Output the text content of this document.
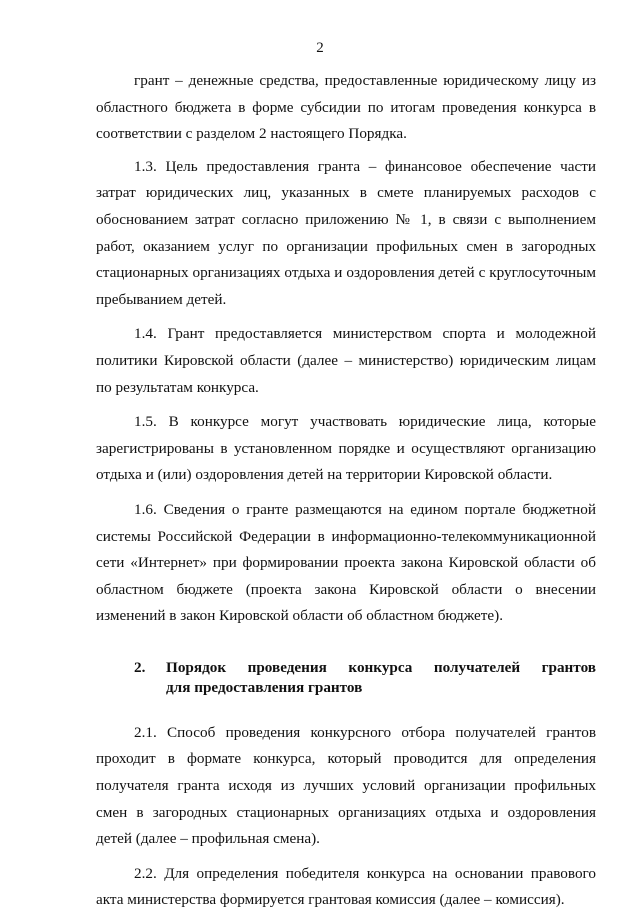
2

грант – денежные средства, предоставленные юридическому лицу из областного бюджета в форме субсидии по итогам проведения конкурса в соответствии с разделом 2 настоящего Порядка.

1.3. Цель предоставления гранта – финансовое обеспечение части затрат юридических лиц, указанных в смете планируемых расходов с обоснованием затрат согласно приложению № 1, в связи с выполнением работ, оказанием услуг по организации профильных смен в загородных стационарных организациях отдыха и оздоровления детей с круглосуточным пребыванием детей.

1.4. Грант предоставляется министерством спорта и молодежной политики Кировской области (далее – министерство) юридическим лицам по результатам конкурса.

1.5. В конкурсе могут участвовать юридические лица, которые зарегистрированы в установленном порядке и осуществляют организацию отдыха и (или) оздоровления детей на территории Кировской области.

1.6. Сведения о гранте размещаются на едином портале бюджетной системы Российской Федерации в информационно-телекоммуникационной сети «Интернет» при формировании проекта закона Кировской области об областном бюджете (проекта закона Кировской области о внесении изменений в закон Кировской области об областном бюджете).

2. Порядок проведения конкурса получателей грантов
для предоставления грантов

2.1. Способ проведения конкурсного отбора получателей грантов проходит в формате конкурса, который проводится для определения получателя гранта исходя из лучших условий организации профильных смен в загородных стационарных организациях отдыха и оздоровления детей (далее – профильная смена).

2.2. Для определения победителя конкурса на основании правового акта министерства формируется грантовая комиссия (далее – комиссия).
